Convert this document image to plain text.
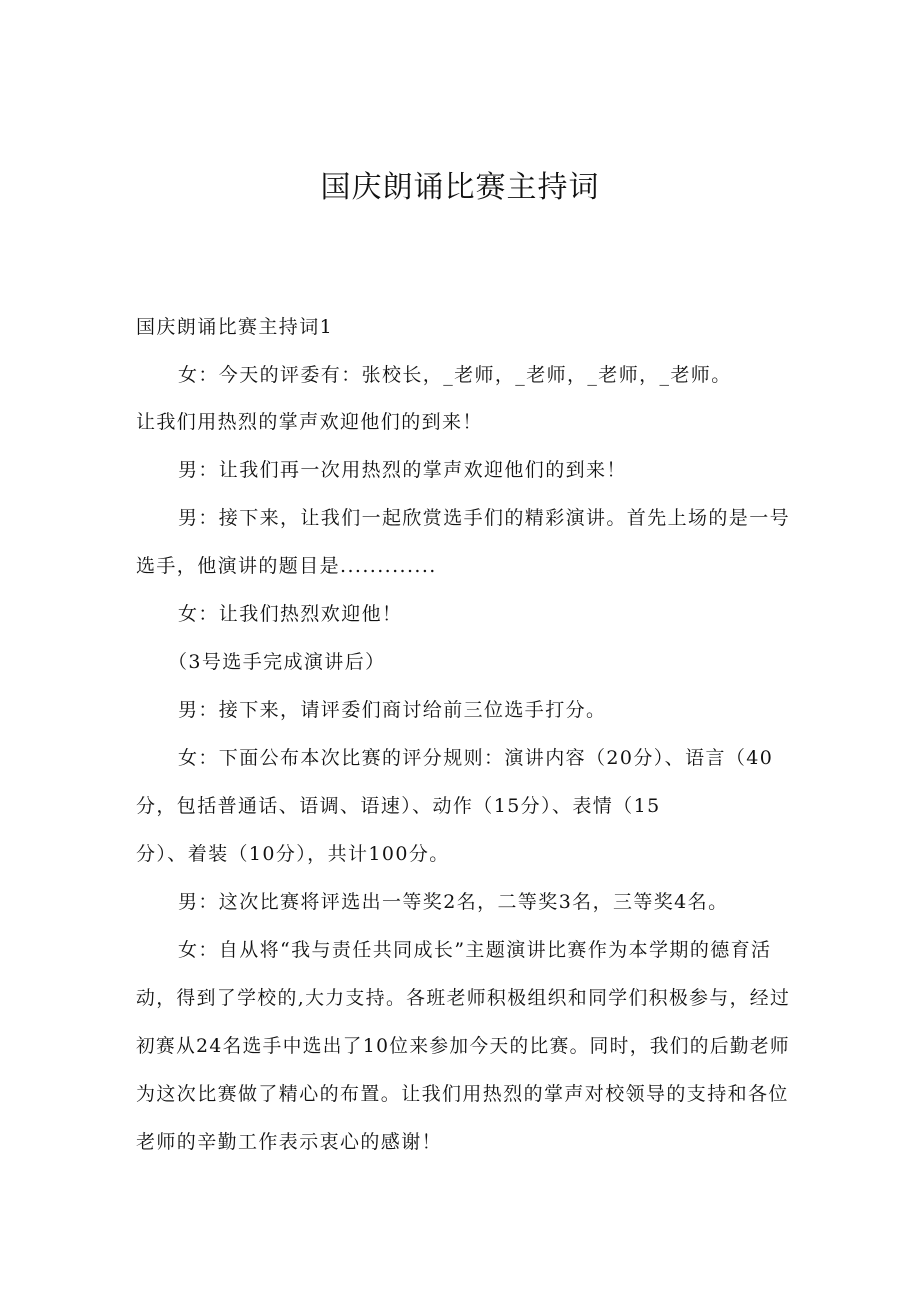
国庆朗诵比赛主持词
国庆朗诵比赛主持词1
女：今天的评委有：张校长，_老师，_老师，_老师，_老师。
让我们用热烈的掌声欢迎他们的到来！
男：让我们再一次用热烈的掌声欢迎他们的到来！
男：接下来，让我们一起欣赏选手们的精彩演讲。首先上场的是一号
选手，他演讲的题目是.............
女：让我们热烈欢迎他！
（3号选手完成演讲后）
男：接下来，请评委们商讨给前三位选手打分。
女：下面公布本次比赛的评分规则：演讲内容（20分）、语言（40
分，包括普通话、语调、语速）、动作（15分）、表情（15
分）、着装（10分），共计100分。
男：这次比赛将评选出一等奖2名，二等奖3名，三等奖4名。
女：自从将“我与责任共同成长”主题演讲比赛作为本学期的德育活
动，得到了学校的,大力支持。各班老师积极组织和同学们积极参与，经过
初赛从24名选手中选出了10位来参加今天的比赛。同时，我们的后勤老师
为这次比赛做了精心的布置。让我们用热烈的掌声对校领导的支持和各位
老师的辛勤工作表示衷心的感谢！
